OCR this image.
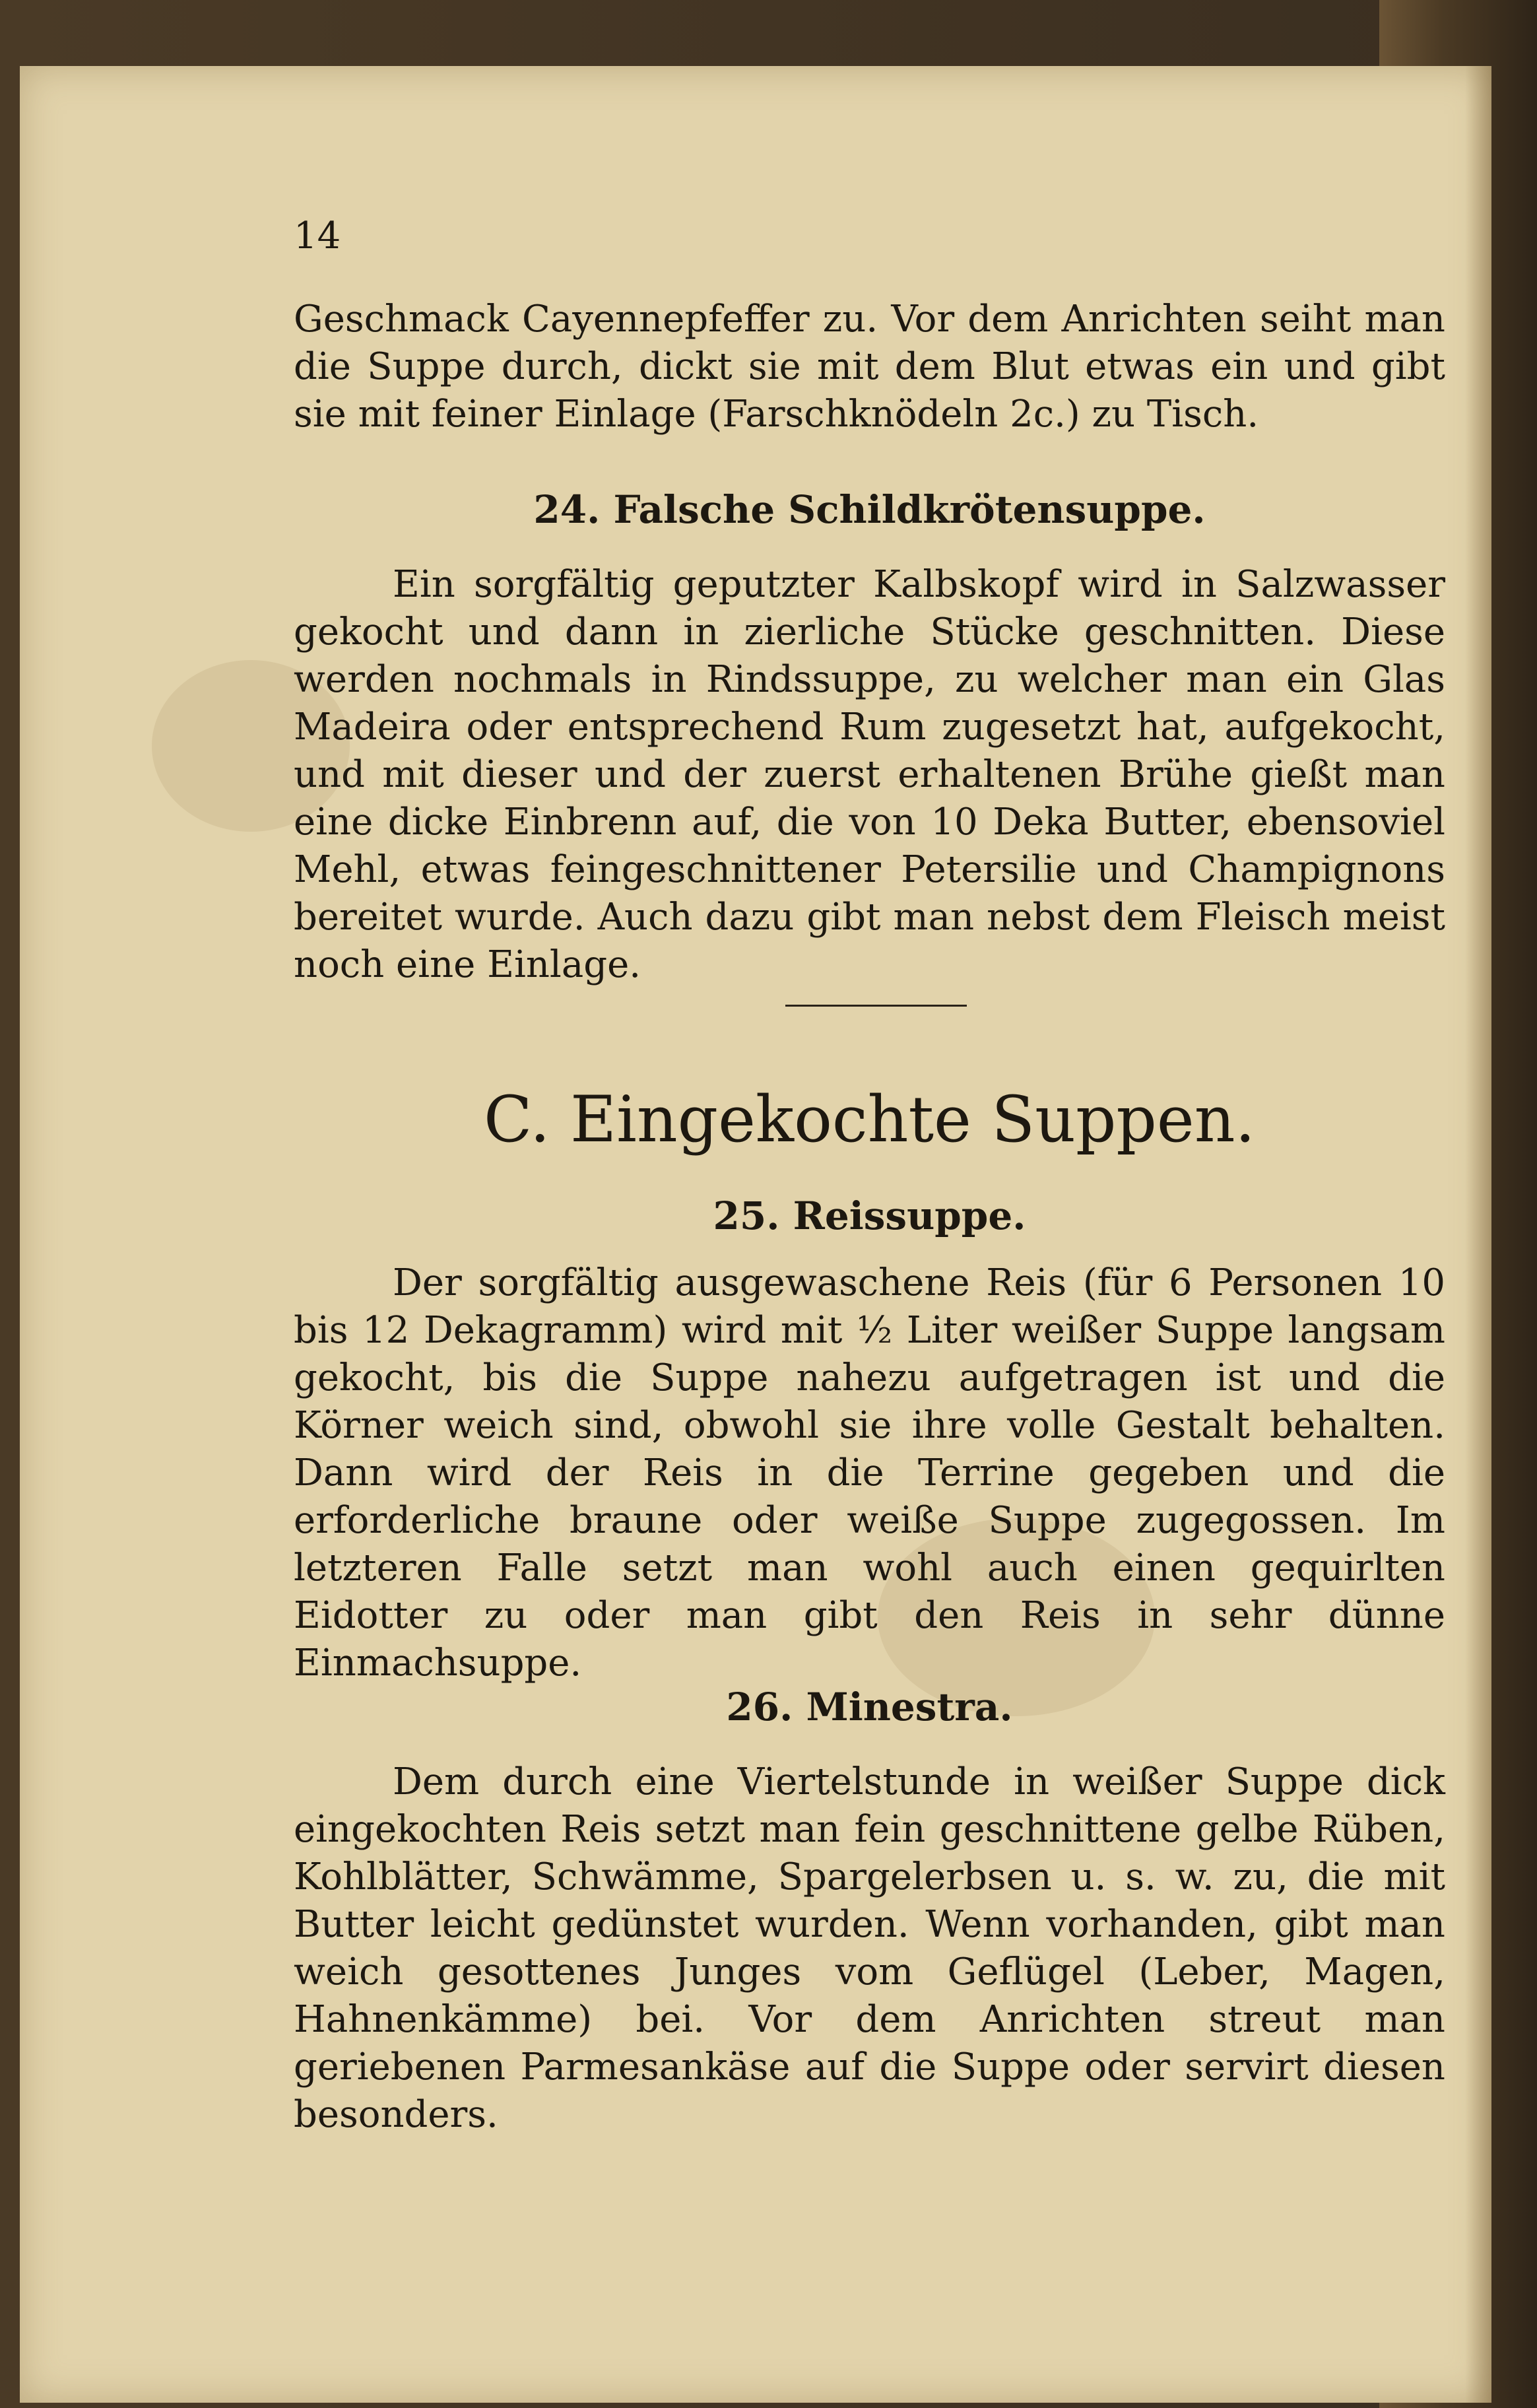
14

Geschmack Cayennepfeffer zu. Vor dem Anrichten seiht man die Suppe durch, dickt sie mit dem Blut etwas ein und gibt sie mit feiner Einlage (Farschknödeln 2c.) zu Tisch.

24. Falsche Schildkrötensuppe.

Ein sorgfältig geputzter Kalbskopf wird in Salzwasser gekocht und dann in zierliche Stücke geschnitten. Diese werden nochmals in Rindssuppe, zu welcher man ein Glas Madeira oder entsprechend Rum zugesetzt hat, aufgekocht, und mit dieser und der zuerst erhaltenen Brühe gießt man eine dicke Einbrenn auf, die von 10 Deka Butter, ebensoviel Mehl, etwas feingeschnittener Petersilie und Champignons bereitet wurde. Auch dazu gibt man nebst dem Fleisch meist noch eine Einlage.

C. Eingekochte Suppen.
25. Reissuppe.

Der sorgfältig ausgewaschene Reis (für 6 Personen 10 bis 12 Dekagramm) wird mit ½ Liter weißer Suppe langsam gekocht, bis die Suppe nahezu aufgetragen ist und die Körner weich sind, obwohl sie ihre volle Gestalt behalten. Dann wird der Reis in die Terrine gegeben und die erforderliche braune oder weiße Suppe zugegossen. Im letzteren Falle setzt man wohl auch einen gequirlten Eidotter zu oder man gibt den Reis in sehr dünne Einmachsuppe.

26. Minestra.

Dem durch eine Viertelstunde in weißer Suppe dick eingekochten Reis setzt man fein geschnittene gelbe Rüben, Kohlblätter, Schwämme, Spargelerbsen u. s. w. zu, die mit Butter leicht gedünstet wurden. Wenn vorhanden, gibt man weich gesottenes Junges vom Geflügel (Leber, Magen, Hahnenkämme) bei. Vor dem Anrichten streut man geriebenen Parmesankäse auf die Suppe oder servirt diesen besonders.
